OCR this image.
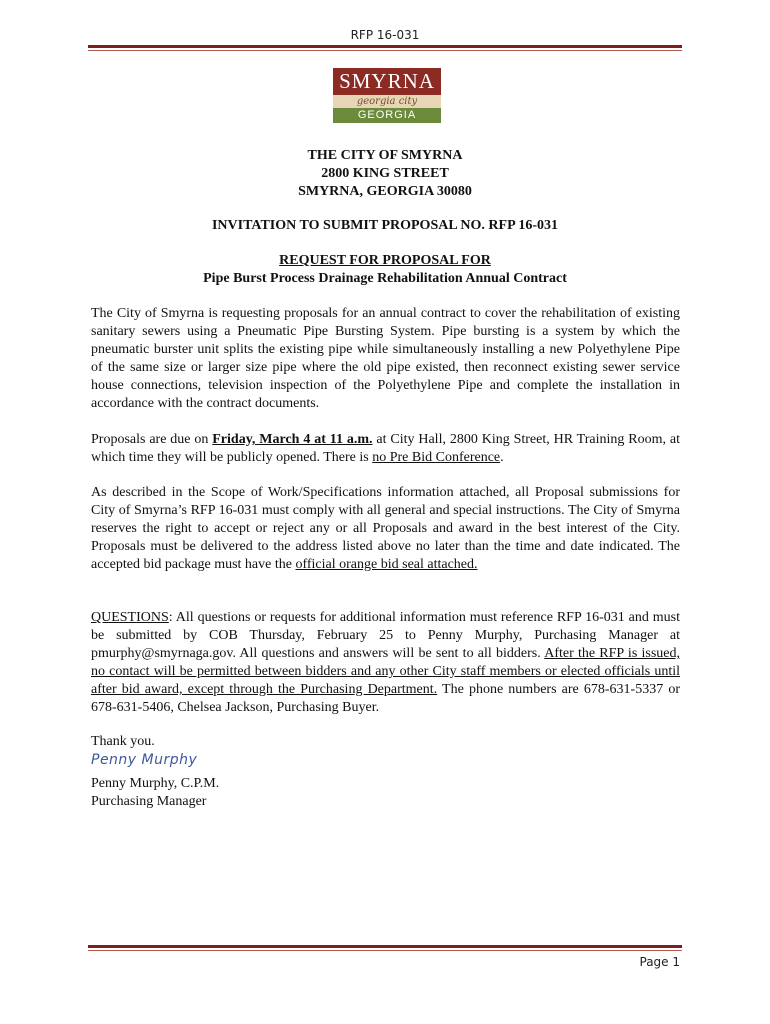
RFP 16-031
SMYRNA
georgia city
GEORGIA
THE CITY OF SMYRNA
2800 KING STREET
SMYRNA, GEORGIA 30080
INVITATION TO SUBMIT PROPOSAL NO. RFP 16-031
REQUEST FOR PROPOSAL FOR
Pipe Burst Process Drainage Rehabilitation Annual Contract
The City of Smyrna is requesting proposals for an annual contract to cover the rehabilitation of existing sanitary sewers using a Pneumatic Pipe Bursting System. Pipe bursting is a system by which the pneumatic burster unit splits the existing pipe while simultaneously installing a new Polyethylene Pipe of the same size or larger size pipe where the old pipe existed, then reconnect existing sewer service house connections, television inspection of the Polyethylene Pipe and complete the installation in accordance with the contract documents.
Proposals are due on Friday, March 4 at 11 a.m. at City Hall, 2800 King Street, HR Training Room, at which time they will be publicly opened. There is no Pre Bid Conference.
As described in the Scope of Work/Specifications information attached, all Proposal submissions for City of Smyrna’s RFP 16-031 must comply with all general and special instructions. The City of Smyrna reserves the right to accept or reject any or all Proposals and award in the best interest of the City. Proposals must be delivered to the address listed above no later than the time and date indicated. The accepted bid package must have the official orange bid seal attached.
QUESTIONS: All questions or requests for additional information must reference RFP 16-031 and must be submitted by COB Thursday, February 25 to Penny Murphy, Purchasing Manager at pmurphy@smyrnaga.gov. All questions and answers will be sent to all bidders. After the RFP is issued, no contact will be permitted between bidders and any other City staff members or elected officials until after bid award, except through the Purchasing Department. The phone numbers are 678-631-5337 or 678-631-5406, Chelsea Jackson, Purchasing Buyer.
Thank you.
Penny Murphy
Penny Murphy, C.P.M.
Purchasing Manager
Page 1
